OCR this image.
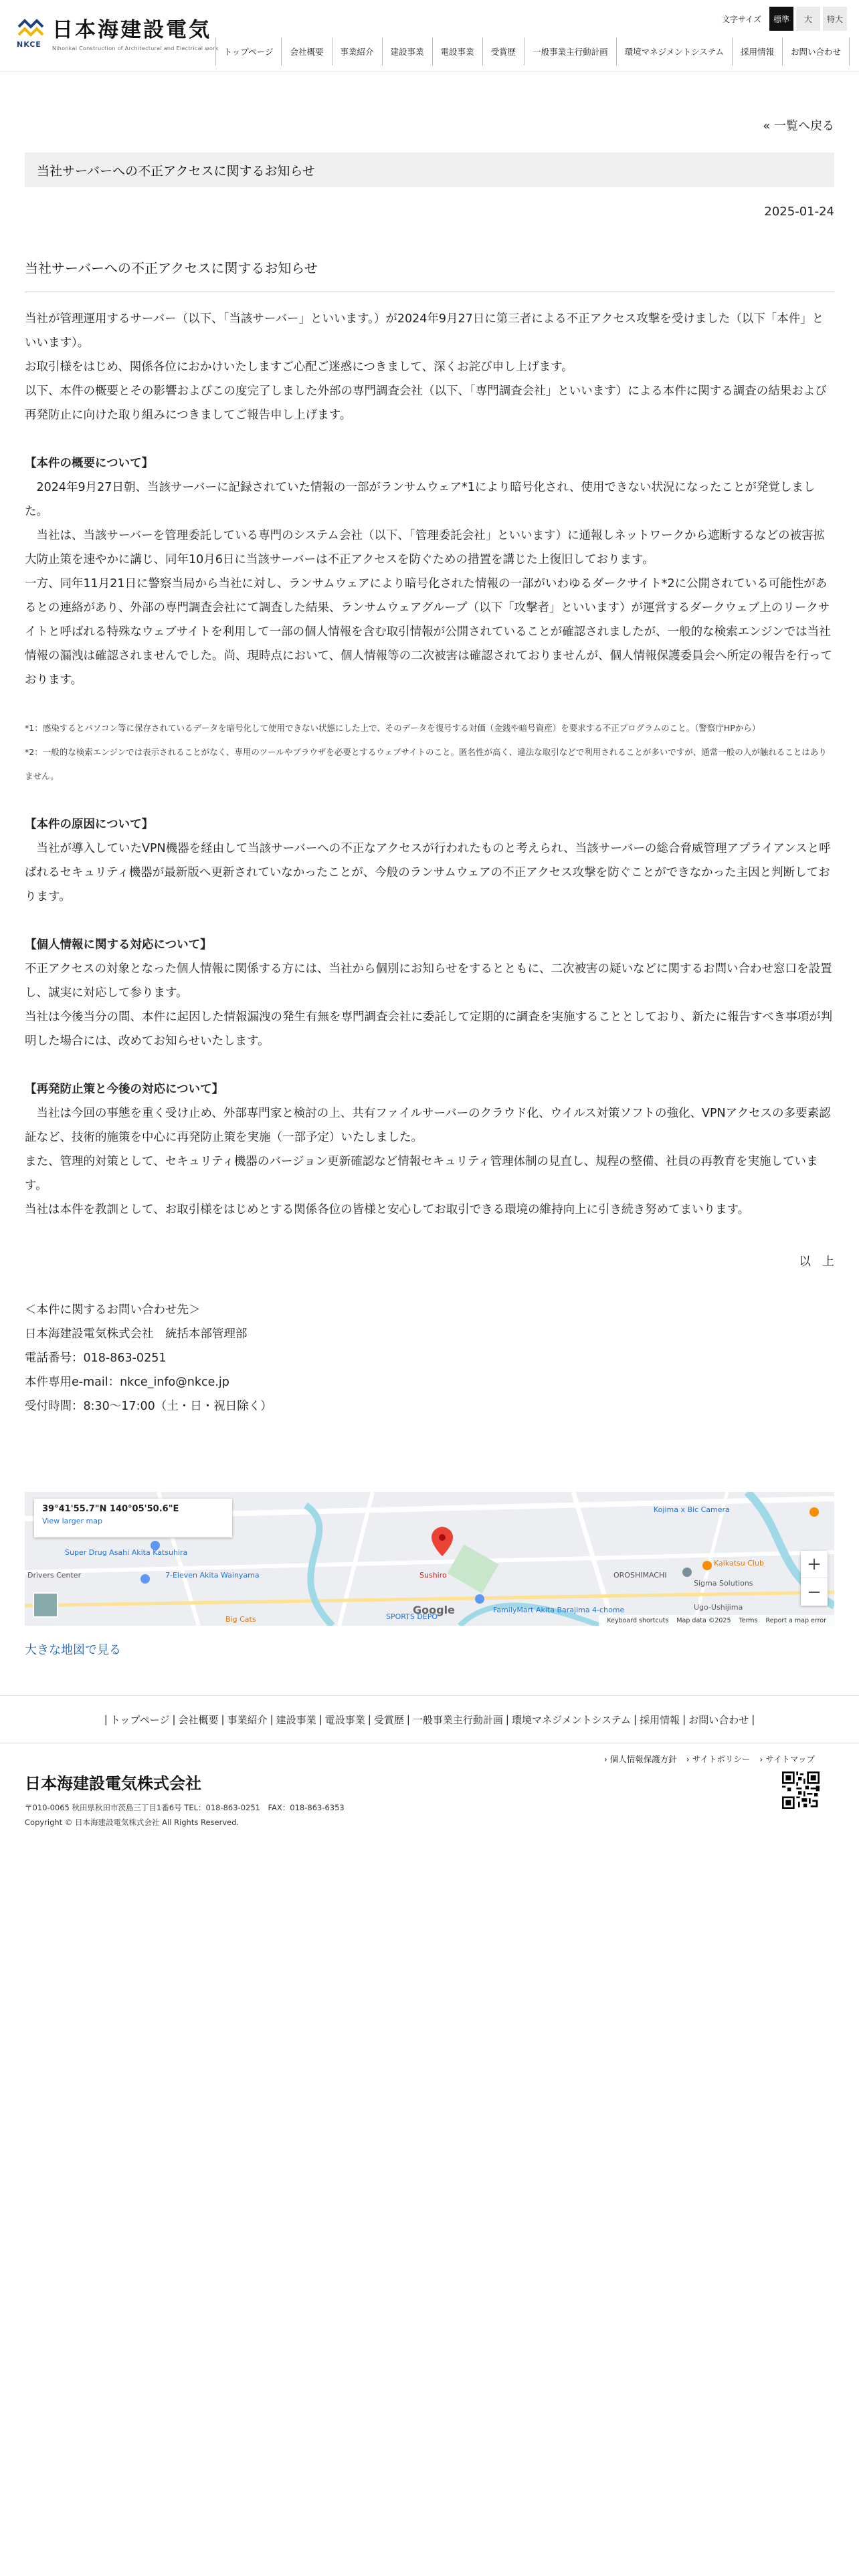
NKCE
日本海建設電気
Nihonkai Construction of Architectural and Electrical work
文字サイズ	標準	大	特大
トップページ	会社概要	事業紹介	建設事業	電設事業	受賞歴	一般事業主行動計画	環境マネジメントシステム	採用情報	お問い合わせ
« 一覧へ戻る
当社サーバーへの不正アクセスに関するお知らせ
2025-01-24
当社サーバーへの不正アクセスに関するお知らせ

当社が管理運用するサーバー（以下、「当該サーバー」といいます。）が2024年9月27日に第三者による不正アクセス攻撃を受けました（以下「本件」といいます）。

お取引様をはじめ、関係各位におかけいたしますご心配ご迷惑につきまして、深くお詫び申し上げます。

以下、本件の概要とその影響およびこの度完了しました外部の専門調査会社（以下、「専門調査会社」といいます）による本件に関する調査の結果および再発防止に向けた取り組みにつきましてご報告申し上げます。

【本件の概要について】

　2024年9月27日朝、当該サーバーに記録されていた情報の一部がランサムウェア*1により暗号化され、使用できない状況になったことが発覚しました。

　当社は、当該サーバーを管理委託している専門のシステム会社（以下、「管理委託会社」といいます）に通報しネットワークから遮断するなどの被害拡大防止策を速やかに講じ、同年10月6日に当該サーバーは不正アクセスを防ぐための措置を講じた上復旧しております。

一方、同年11月21日に警察当局から当社に対し、ランサムウェアにより暗号化された情報の一部がいわゆるダークサイト*2に公開されている可能性があるとの連絡があり、外部の専門調査会社にて調査した結果、ランサムウェアグループ（以下「攻撃者」といいます）が運営するダークウェブ上のリークサイトと呼ばれる特殊なウェブサイトを利用して一部の個人情報を含む取引情報が公開されていることが確認されましたが、一般的な検索エンジンでは当社情報の漏洩は確認されませんでした。尚、現時点において、個人情報等の二次被害は確認されておりませんが、個人情報保護委員会へ所定の報告を行っております。

*1：感染するとパソコン等に保存されているデータを暗号化して使用できない状態にした上で、そのデータを復号する対価（金銭や暗号資産）を要求する不正プログラムのこと。（警察庁HPから）

*2：一般的な検索エンジンでは表示されることがなく、専用のツールやブラウザを必要とするウェブサイトのこと。匿名性が高く、違法な取引などで利用されることが多いですが、通常一般の人が触れることはありません。

【本件の原因について】

　当社が導入していたVPN機器を経由して当該サーバーへの不正なアクセスが行われたものと考えられ、当該サーバーの総合脅威管理アプライアンスと呼ばれるセキュリティ機器が最新版へ更新されていなかったことが、今般のランサムウェアの不正アクセス攻撃を防ぐことができなかった主因と判断しております。

【個人情報に関する対応について】

不正アクセスの対象となった個人情報に関係する方には、当社から個別にお知らせをするとともに、二次被害の疑いなどに関するお問い合わせ窓口を設置し、誠実に対応して参ります。

当社は今後当分の間、本件に起因した情報漏洩の発生有無を専門調査会社に委託して定期的に調査を実施することとしており、新たに報告すべき事項が判明した場合には、改めてお知らせいたします。

【再発防止策と今後の対応について】

　当社は今回の事態を重く受け止め、外部専門家と検討の上、共有ファイルサーバーのクラウド化、ウイルス対策ソフトの強化、VPNアクセスの多要素認証など、技術的施策を中心に再発防止策を実施（一部予定）いたしました。

また、管理的対策として、セキュリティ機器のバージョン更新確認など情報セキュリティ管理体制の見直し、規程の整備、社員の再教育を実施しています。

当社は本件を教訓として、お取引様をはじめとする関係各位の皆様と安心してお取引できる環境の維持向上に引き続き努めてまいります。

以　上

＜本件に関するお問い合わせ先＞

日本海建設電気株式会社　統括本部管理部

電話番号：018-863-0251

本件専用e-mail：nkce_info@nkce.jp

受付時間：8:30〜17:00（土・日・祝日除く）

Super Drug Asahi Akita Katsuhira
Sushiro
7-Eleven Akita Wainyama
SPORTS DEPO
FamilyMart Akita Barajima 4-chome
Kojima x Bic Camera
Kaikatsu Club
OROSHIMACHI
Sigma Solutions
Ugo-Ushijima
Big Cats
Drivers Center
39°41'55.7"N 140°05'50.6"E
View larger map
+
−
Google
Keyboard shortcuts Map data ©2025 Terms Report a map error
大きな地図で見る
| トップページ | 会社概要 | 事業紹介 | 建設事業 | 電設事業 | 受賞歴 | 一般事業主行動計画 | 環境マネジメントシステム | 採用情報 | お問い合わせ |
› 個人情報保護方針 › サイトポリシー › サイトマップ
日本海建設電気株式会社
〒010-0065 秋田県秋田市茨島三丁目1番6号 TEL：018-863-0251　FAX：018-863-6353
Copyright © 日本海建設電気株式会社 All Rights Reserved.
